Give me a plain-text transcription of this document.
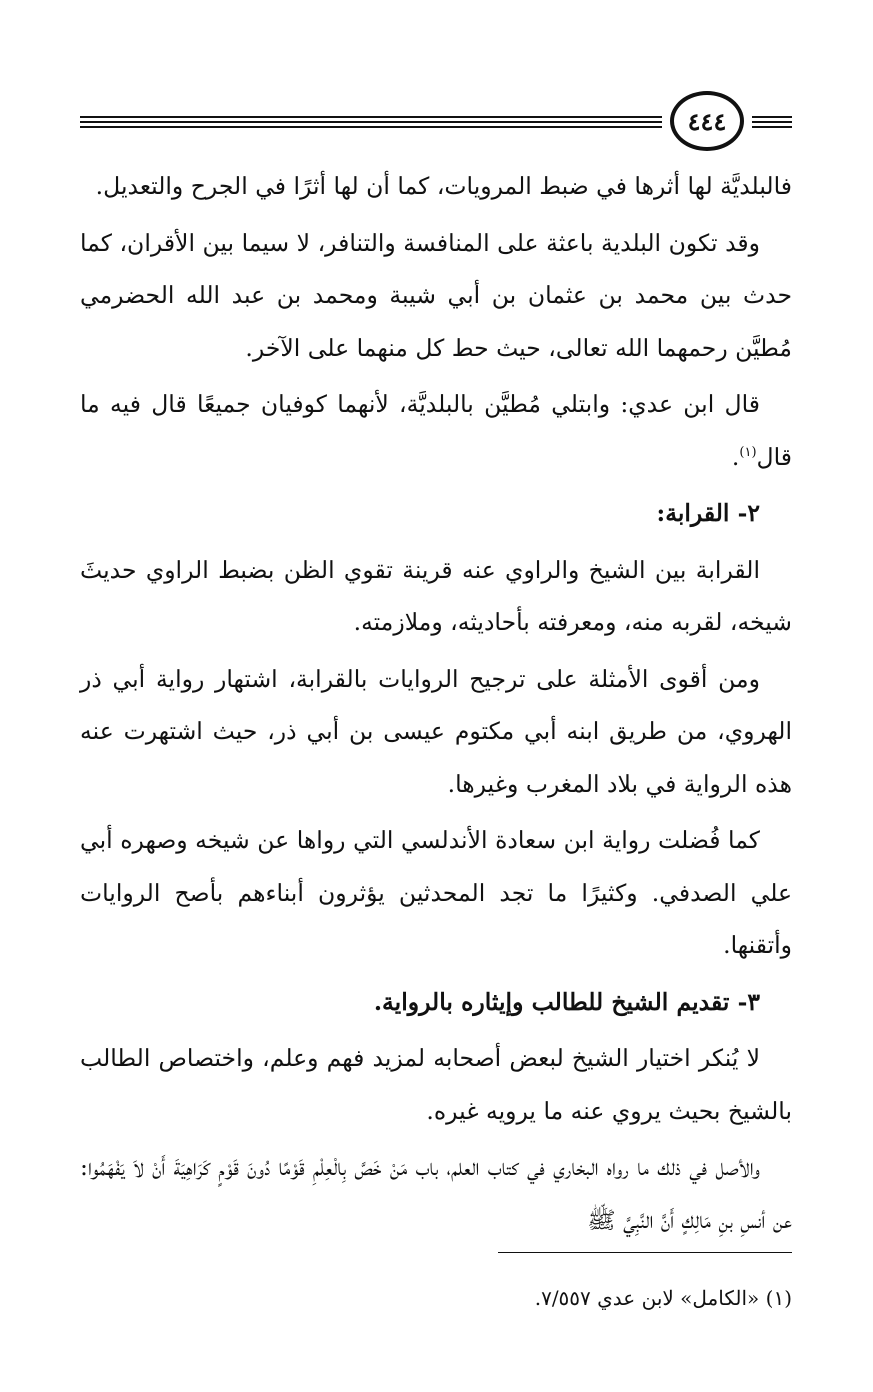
٤٤٤

فالبلديَّة لها أثرها في ضبط المرويات، كما أن لها أثرًا في الجرح والتعديل.

وقد تكون البلدية باعثة على المنافسة والتنافر، لا سيما بين الأقران، كما حدث بين محمد بن عثمان بن أبي شيبة ومحمد بن عبد الله الحضرمي مُطيَّن رحمهما الله تعالى، حيث حط كل منهما على الآخر.

قال ابن عدي: وابتلي مُطيَّن بالبلديَّة، لأنهما كوفيان جميعًا قال فيه ما قال$^{(١)}$.

٢- القرابة:

القرابة بين الشيخ والراوي عنه قرينة تقوي الظن بضبط الراوي حديثَ شيخه، لقربه منه، ومعرفته بأحاديثه، وملازمته.

ومن أقوى الأمثلة على ترجيح الروايات بالقرابة، اشتهار رواية أبي ذر الهروي، من طريق ابنه أبي مكتوم عيسى بن أبي ذر، حيث اشتهرت عنه هذه الرواية في بلاد المغرب وغيرها.

كما فُضلت رواية ابن سعادة الأندلسي التي رواها عن شيخه وصهره أبي علي الصدفي. وكثيرًا ما تجد المحدثين يؤثرون أبناءهم بأصح الروايات وأتقنها.

٣- تقديم الشيخ للطالب وإيثاره بالرواية.

لا يُنكر اختيار الشيخ لبعض أصحابه لمزيد فهم وعلم، واختصاص الطالب بالشيخ بحيث يروي عنه ما يرويه غيره.

والأصل في ذلك ما رواه البخاري في كتاب العلم، باب مَنْ خَصَّ بِالْعِلْمِ قَوْمًا دُونَ قَوْمٍ كَرَاهِيَةَ أَنْ لاَ يَفْهَمُوا: عن أنسِ بنِ مَالِكٍ أَنَّ النَّبِيَّ ﷺ

(١) «الكامل» لابن عدي ٧/٥٥٧.
